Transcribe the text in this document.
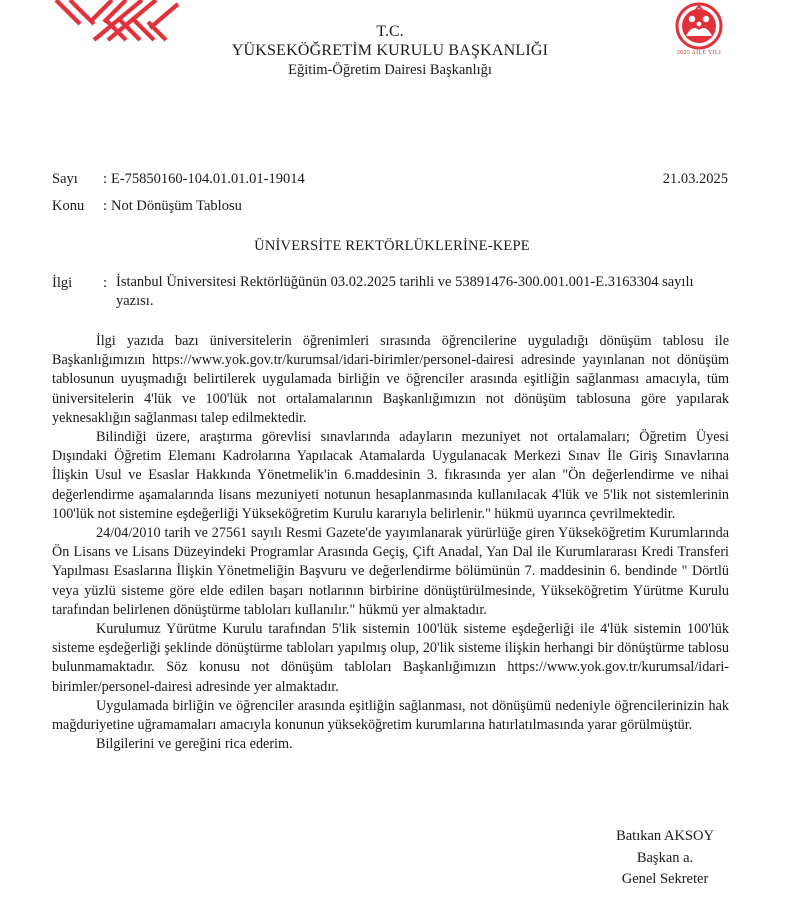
2025 AİLE YILI
T.C.
YÜKSEKÖĞRETİM KURULU BAŞKANLIĞI
Eğitim-Öğretim Dairesi Başkanlığı
Sayı : E-75850160-104.01.01.01-19014	21.03.2025
Konu : Not Dönüşüm Tablosu
ÜNİVERSİTE REKTÖRLÜKLERİNE-KEPE
İlgi : İstanbul Üniversitesi Rektörlüğünün 03.02.2025 tarihli ve 53891476-300.001.001-E.3163304 sayılı yazısı.

İlgi yazıda bazı üniversitelerin öğrenimleri sırasında öğrencilerine uyguladığı dönüşüm tablosu ile Başkanlığımızın https://www.yok.gov.tr/kurumsal/idari-birimler/personel-dairesi adresinde yayınlanan not dönüşüm tablosunun uyuşmadığı belirtilerek uygulamada birliğin ve öğrenciler arasında eşitliğin sağlanması amacıyla, tüm üniversitelerin 4'lük ve 100'lük not ortalamalarının Başkanlığımızın not dönüşüm tablosuna göre yapılarak yeknesaklığın sağlanması talep edilmektedir.

Bilindiği üzere, araştırma görevlisi sınavlarında adayların mezuniyet not ortalamaları; Öğretim Üyesi Dışındaki Öğretim Elemanı Kadrolarına Yapılacak Atamalarda Uygulanacak Merkezi Sınav İle Giriş Sınavlarına İlişkin Usul ve Esaslar Hakkında Yönetmelik'in 6.maddesinin 3. fıkrasında yer alan "Ön değerlendirme ve nihai değerlendirme aşamalarında lisans mezuniyeti notunun hesaplanmasında kullanılacak 4'lük ve 5'lik not sistemlerinin 100'lük not sistemine eşdeğerliği Yükseköğretim Kurulu kararıyla belirlenir." hükmü uyarınca çevrilmektedir.

24/04/2010 tarih ve 27561 sayılı Resmi Gazete'de yayımlanarak yürürlüğe giren Yükseköğretim Kurumlarında Ön Lisans ve Lisans Düzeyindeki Programlar Arasında Geçiş, Çift Anadal, Yan Dal ile Kurumlararası Kredi Transferi Yapılması Esaslarına İlişkin Yönetmeliğin Başvuru ve değerlendirme bölümünün 7. maddesinin 6. bendinde " Dörtlü veya yüzlü sisteme göre elde edilen başarı notlarının birbirine dönüştürülmesinde, Yükseköğretim Yürütme Kurulu tarafından belirlenen dönüştürme tabloları kullanılır." hükmü yer almaktadır.

Kurulumuz Yürütme Kurulu tarafından 5'lik sistemin 100'lük sisteme eşdeğerliği ile 4'lük sistemin 100'lük sisteme eşdeğerliği şeklinde dönüştürme tabloları yapılmış olup, 20'lik sisteme ilişkin herhangi bir dönüştürme tablosu bulunmamaktadır. Söz konusu not dönüşüm tabloları Başkanlığımızın https://www.yok.gov.tr/kurumsal/idari-birimler/personel-dairesi adresinde yer almaktadır.

Uygulamada birliğin ve öğrenciler arasında eşitliğin sağlanması, not dönüşümü nedeniyle öğrencilerinizin hak mağduriyetine uğramamaları amacıyla konunun yükseköğretim kurumlarına hatırlatılmasında yarar görülmüştür.

Bilgilerini ve gereğini rica ederim.

Batıkan AKSOY
Başkan a.
Genel Sekreter
